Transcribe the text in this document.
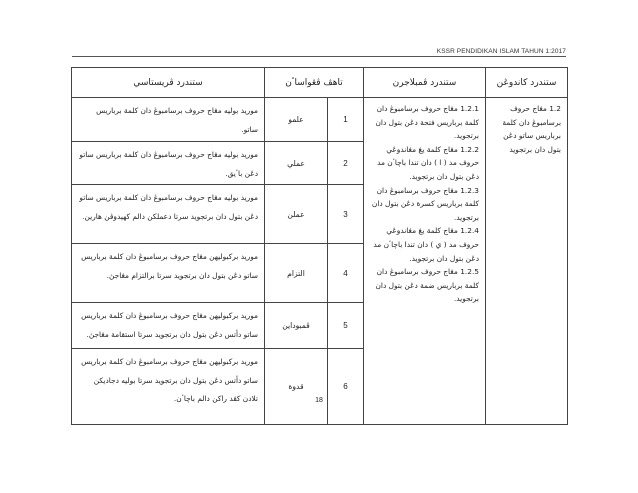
KSSR PENDIDIKAN ISLAM TAHUN 1:2017
ستندرد كاندوڠن	ستندرد ڤمبلاجرن	تاهڤ ڤڠواساٴن		ستندرد ڤريستاسي

1.2 مڠاج حروف برسامبوڠ دان كلمة برباريس ساتو دڠن بتول دان برتجويد	1.2.1 مڠاج حروف برسامبوڠ دان كلمة برباريس فتحة دڠن بتول دان برتجويد.
1.2.2 مڠاج كلمة يڠ مڠاندوڠي حروف مد ( ا ) دان تندا باچاٴن مد دڠن بتول دان برتجويد.
1.2.3 مڠاج حروف برسامبوڠ دان كلمة برباريس كسرة دڠن بتول دان برتجويد.
1.2.4 مڠاج كلمة يڠ مڠاندوڠي حروف مد ( ي ) دان تندا باچاٴن مد دڠن بتول دان برتجويد.
1.2.5 مڠاج حروف برسامبوڠ دان كلمة برباريس ضمة دڠن بتول دان برتجويد.	1	علمو	موريد بوليه مڠاج حروف برسامبوڠ دان كلمة برباريس ساتو.

		2	عملي	موريد بوليه مڠاج حروف برسامبوڠ دان كلمة برباريس ساتو دڠن باٴيق.

		3	عملن	موريد بوليه مڠاج حروف برسامبوڠ دان كلمة برباريس ساتو دڠن بتول دان برتجويد سرتا دعملكن دالم كهيدوڤن هارين.

		4	التزام	موريد بركبوليهن مڠاج حروف برسامبوڠ دان كلمة برباريس ساتو دڠن بتول دان برتجويد سرتا برالتزام مڠاجڽ.

		5	ڤمبوداين	موريد بركبوليهن مڠاج حروف برسامبوڠ دان كلمة برباريس ساتو دأتس دڠن بتول دان برتجويد سرتا استقامة مڠاجڽ.

		6	قدوة	موريد بركبوليهن مڠاج حروف برسامبوڠ دان كلمة برباريس ساتو دأتس دڠن بتول دان برتجويد سرتا بوليه دجاديكن تلادن كڤد راكن دالم باچاٴن.	18
